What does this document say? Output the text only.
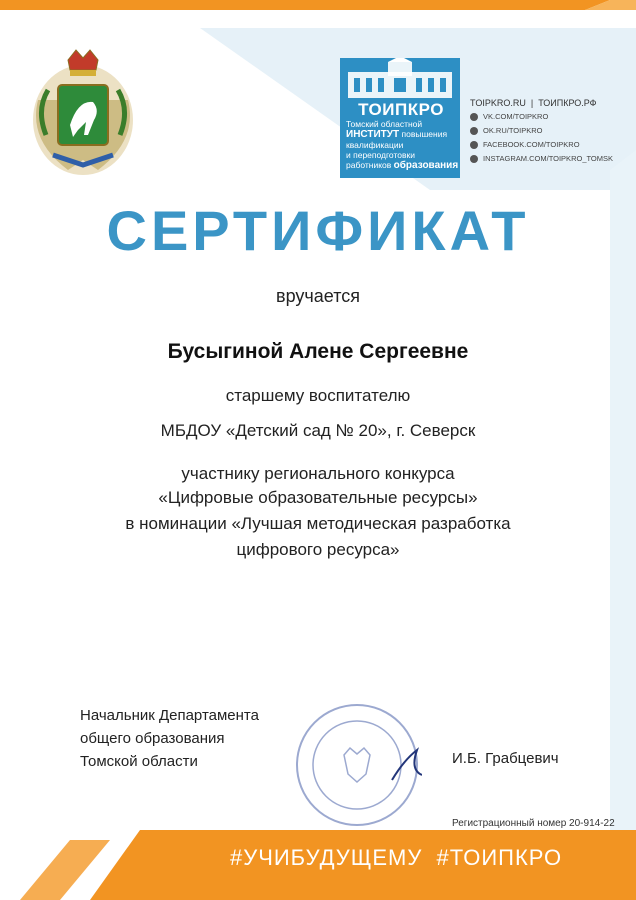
ТОИПКРО
Томский областной
ИНСТИТУТ повышения квалификации
и переподготовки работников образования
TOIPKRO.RU | ТОИПКРО.РФ
VK.COM/TOIPKRO
OK.RU/TOIPKRO
FACEBOOK.COM/TOIPKRO
INSTAGRAM.COM/TOIPKRO_TOMSK
СЕРТИФИКАТ
вручается
Бусыгиной Алене Сергеевне
старшему воспитателю
МБДОУ «Детский сад № 20», г. Северск
участнику регионального конкурса
«Цифровые образовательные ресурсы»
в номинации «Лучшая методическая разработка
цифрового ресурса»
Начальник Департамента
общего образования
Томской области	И.Б. Грабцевич
Регистрационный номер 20-914-22
#УЧИБУДУЩЕМУ  #ТОИПКРО
